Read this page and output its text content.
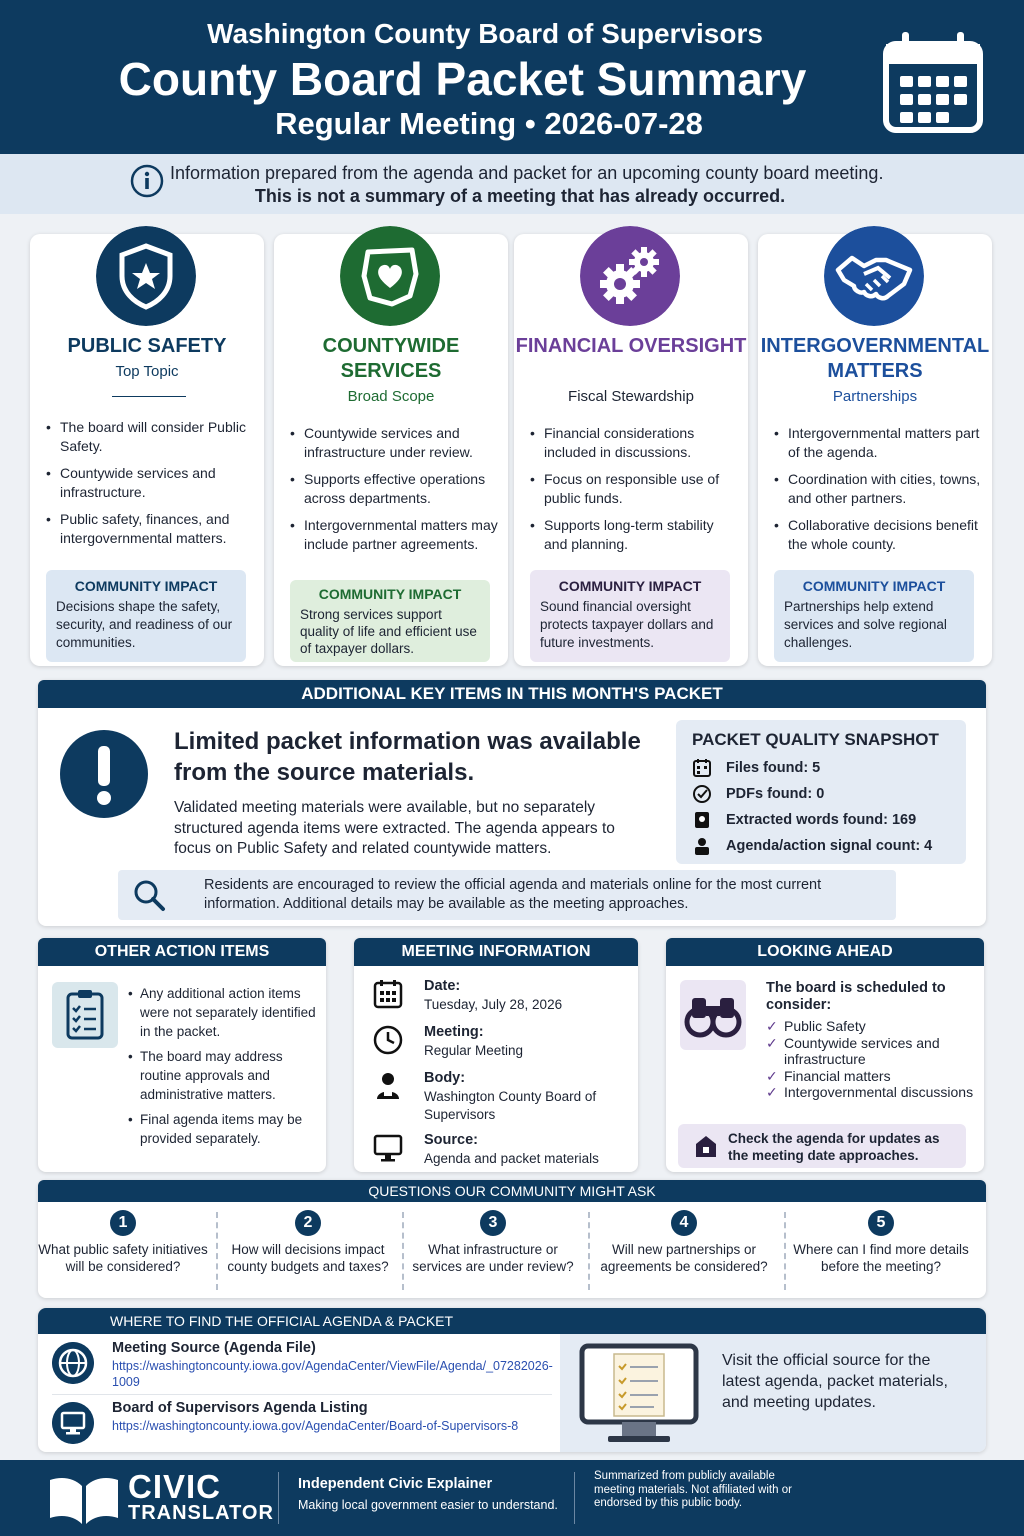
Washington County Board of Supervisors
County Board Packet Summary
Regular Meeting • 2026-07-28
Information prepared from the agenda and packet for an upcoming county board meeting.
This is not a summary of a meeting that has already occurred.
PUBLIC SAFETY
Top Topic
• The board will consider Public Safety.
• Countywide services and infrastructure.
• Public safety, finances, and intergovernmental matters.
COMMUNITY IMPACT
Decisions shape the safety, security, and readiness of our communities.
COUNTYWIDE SERVICES
Broad Scope
• Countywide services and infrastructure under review.
• Supports effective operations across departments.
• Intergovernmental matters may include partner agreements.
COMMUNITY IMPACT
Strong services support quality of life and efficient use of taxpayer dollars.
FINANCIAL OVERSIGHT
Fiscal Stewardship
• Financial considerations included in discussions.
• Focus on responsible use of public funds.
• Supports long-term stability and planning.
COMMUNITY IMPACT
Sound financial oversight protects taxpayer dollars and future investments.
INTERGOVERNMENTAL MATTERS
Partnerships
• Intergovernmental matters part of the agenda.
• Coordination with cities, towns, and other partners.
• Collaborative decisions benefit the whole county.
COMMUNITY IMPACT
Partnerships help extend services and solve regional challenges.
ADDITIONAL KEY ITEMS IN THIS MONTH'S PACKET
Limited packet information was available from the source materials.
Validated meeting materials were available, but no separately structured agenda items were extracted. The agenda appears to focus on Public Safety and related countywide matters.
PACKET QUALITY SNAPSHOT
Files found: 5
PDFs found: 0
Extracted words found: 169
Agenda/action signal count: 4
Residents are encouraged to review the official agenda and materials online for the most current information. Additional details may be available as the meeting approaches.
OTHER ACTION ITEMS
• Any additional action items were not separately identified in the packet.
• The board may address routine approvals and administrative matters.
• Final agenda items may be provided separately.
MEETING INFORMATION
Date:
Tuesday, July 28, 2026
Meeting:
Regular Meeting
Body:
Washington County Board of Supervisors
Source:
Agenda and packet materials
LOOKING AHEAD
The board is scheduled to consider:
✓ Public Safety
✓ Countywide services and infrastructure
✓ Financial matters
✓ Intergovernmental discussions
Check the agenda for updates as the meeting date approaches.
QUESTIONS OUR COMMUNITY MIGHT ASK
1
What public safety initiatives will be considered?
2
How will decisions impact county budgets and taxes?
3
What infrastructure or services are under review?
4
Will new partnerships or agreements be considered?
5
Where can I find more details before the meeting?
WHERE TO FIND THE OFFICIAL AGENDA & PACKET
Meeting Source (Agenda File)
https://washingtoncounty.iowa.gov/AgendaCenter/ViewFile/Agenda/_07282026-1009
Board of Supervisors Agenda Listing
https://washingtoncounty.iowa.gov/AgendaCenter/Board-of-Supervisors-8
Visit the official source for the latest agenda, packet materials, and meeting updates.
CIVIC
TRANSLATOR
Independent Civic Explainer
Making local government easier to understand.
Summarized from publicly available meeting materials. Not affiliated with or endorsed by this public body.
